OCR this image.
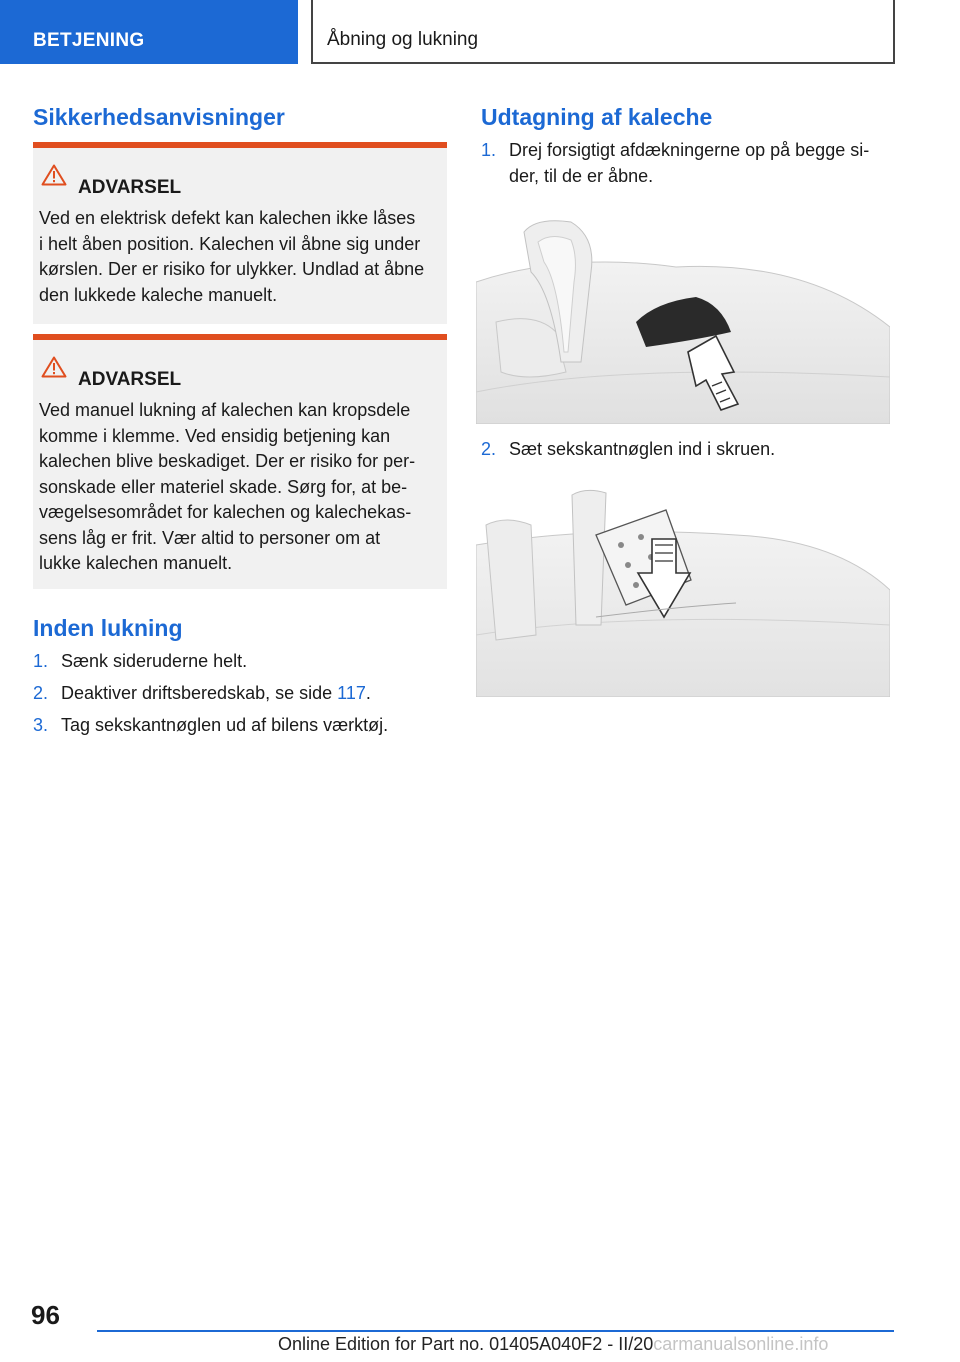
BETJENING	Åbning og lukning
Sikkerhedsanvisninger
ADVARSEL
Ved en elektrisk defekt kan kalechen ikke låses
i helt åben position. Kalechen vil åbne sig under
kørslen. Der er risiko for ulykker. Undlad at åbne
den lukkede kaleche manuelt.
ADVARSEL
Ved manuel lukning af kalechen kan kropsdele
komme i klemme. Ved ensidig betjening kan
kalechen blive beskadiget. Der er risiko for per-
sonskade eller materiel skade. Sørg for, at be-
vægelsesområdet for kalechen og kalechekas-
sens låg er frit. Vær altid to personer om at
lukke kalechen manuelt.
Inden lukning
1. Sænk sideruderne helt.
2. Deaktiver driftsberedskab, se side 117.
3. Tag sekskantnøglen ud af bilens værktøj.
Udtagning af kaleche
1. Drej forsigtigt afdækningerne op på begge si-
der, til de er åbne.
2. Sæt sekskantnøglen ind i skruen.
96
Online Edition for Part no. 01405A040F2 - II/20carmanualsonline.info
